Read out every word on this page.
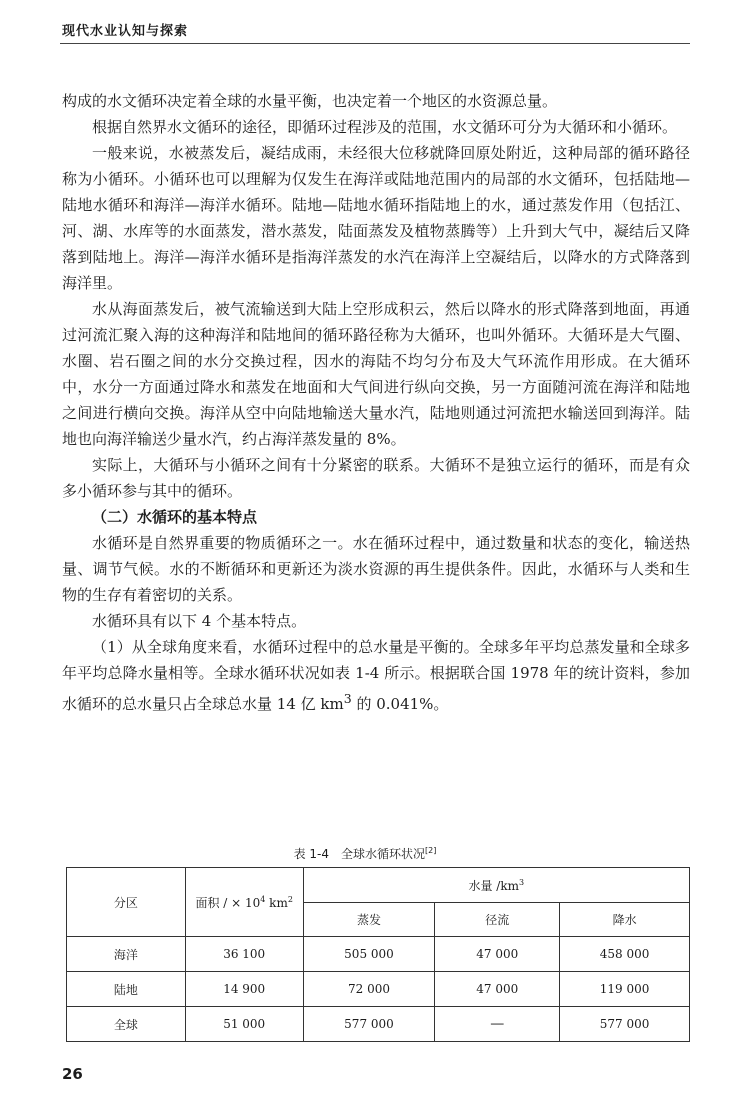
现代水业认知与探索

构成的水文循环决定着全球的水量平衡，也决定着一个地区的水资源总量。

根据自然界水文循环的途径，即循环过程涉及的范围，水文循环可分为大循环和小循环。

一般来说，水被蒸发后，凝结成雨，未经很大位移就降回原处附近，这种局部的循环路径称为小循环。小循环也可以理解为仅发生在海洋或陆地范围内的局部的水文循环，包括陆地—陆地水循环和海洋—海洋水循环。陆地—陆地水循环指陆地上的水，通过蒸发作用（包括江、河、湖、水库等的水面蒸发，潜水蒸发，陆面蒸发及植物蒸腾等）上升到大气中，凝结后又降落到陆地上。海洋—海洋水循环是指海洋蒸发的水汽在海洋上空凝结后，以降水的方式降落到海洋里。

水从海面蒸发后，被气流输送到大陆上空形成积云，然后以降水的形式降落到地面，再通过河流汇聚入海的这种海洋和陆地间的循环路径称为大循环，也叫外循环。大循环是大气圈、水圈、岩石圈之间的水分交换过程，因水的海陆不均匀分布及大气环流作用形成。在大循环中，水分一方面通过降水和蒸发在地面和大气间进行纵向交换，另一方面随河流在海洋和陆地之间进行横向交换。海洋从空中向陆地输送大量水汽，陆地则通过河流把水输送回到海洋。陆地也向海洋输送少量水汽，约占海洋蒸发量的 8%。

实际上，大循环与小循环之间有十分紧密的联系。大循环不是独立运行的循环，而是有众多小循环参与其中的循环。

（二）水循环的基本特点

水循环是自然界重要的物质循环之一。水在循环过程中，通过数量和状态的变化，输送热量、调节气候。水的不断循环和更新还为淡水资源的再生提供条件。因此，水循环与人类和生物的生存有着密切的关系。

水循环具有以下 4 个基本特点。

（1）从全球角度来看，水循环过程中的总水量是平衡的。全球多年平均总蒸发量和全球多年平均总降水量相等。全球水循环状况如表 1-4 所示。根据联合国 1978 年的统计资料，参加水循环的总水量只占全球总水量 14 亿 $km^3$ 的 0.041%。

表 1-4　全球水循环状况[2]
分区	面积 / × $10^4$ $km^2$	水量 $/km^3$
		蒸发	径流	降水
海洋	36 100	505 000	47 000	458 000
陆地	14 900	72 000	47 000	119 000
全球	51 000	577 000	—	577 000
26
